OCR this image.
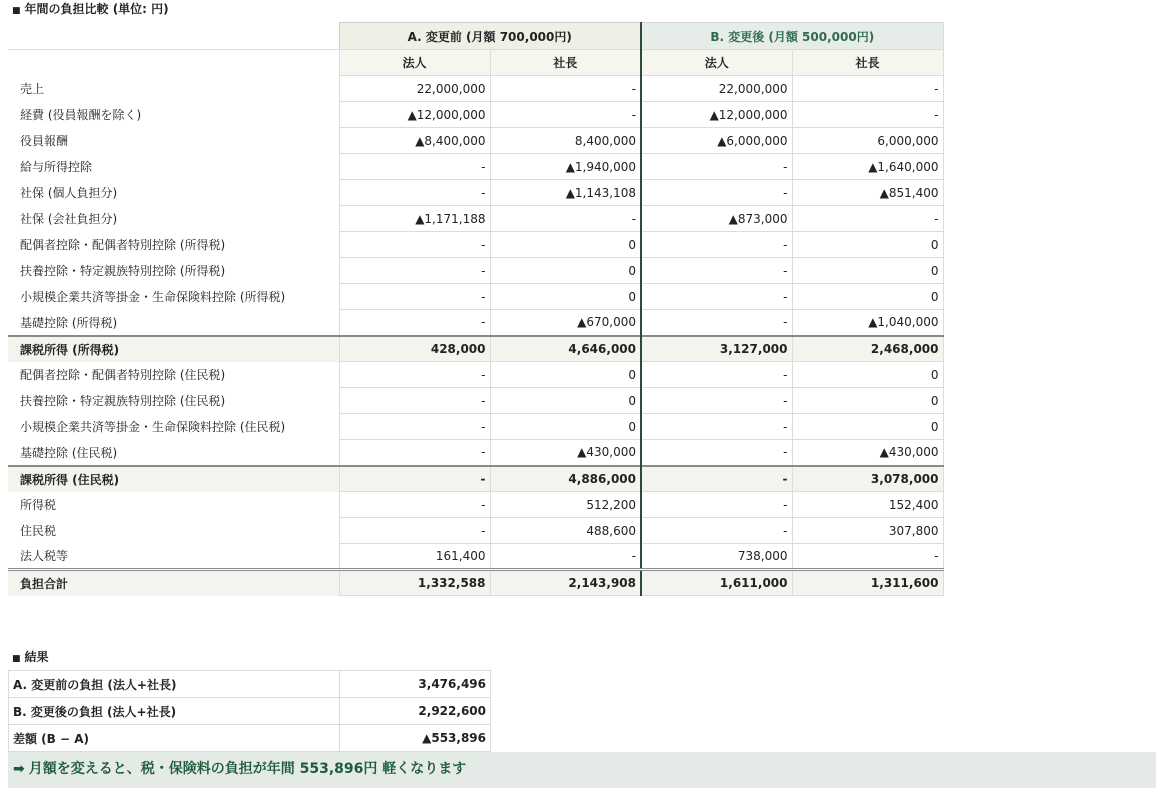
■ 年間の負担比較 (単位: 円)
	A. 変更前 (月額 700,000円)		B. 変更後 (月額 500,000円)	
	法人	社長	法人	社長
売上	22,000,000	-	22,000,000	-
経費 (役員報酬を除く)	▲12,000,000	-	▲12,000,000	-
役員報酬	▲8,400,000	8,400,000	▲6,000,000	6,000,000
給与所得控除	-	▲1,940,000	-	▲1,640,000
社保 (個人負担分)	-	▲1,143,108	-	▲851,400
社保 (会社負担分)	▲1,171,188	-	▲873,000	-
配偶者控除・配偶者特別控除 (所得税)	-	0	-	0
扶養控除・特定親族特別控除 (所得税)	-	0	-	0
小規模企業共済等掛金・生命保険料控除 (所得税)	-	0	-	0
基礎控除 (所得税)	-	▲670,000	-	▲1,040,000
課税所得 (所得税)	428,000	4,646,000	3,127,000	2,468,000
配偶者控除・配偶者特別控除 (住民税)	-	0	-	0
扶養控除・特定親族特別控除 (住民税)	-	0	-	0
小規模企業共済等掛金・生命保険料控除 (住民税)	-	0	-	0
基礎控除 (住民税)	-	▲430,000	-	▲430,000
課税所得 (住民税)	-	4,886,000	-	3,078,000
所得税	-	512,200	-	152,400
住民税	-	488,600	-	307,800
法人税等	161,400	-	738,000	-
負担合計	1,332,588	2,143,908	1,611,000	1,311,600
■ 結果
A. 変更前の負担 (法人+社長)	3,476,496
B. 変更後の負担 (法人+社長)	2,922,600
差額 (B − A)	▲553,896
➡ 月額を変えると、税・保険料の負担が年間 553,896円 軽くなります
